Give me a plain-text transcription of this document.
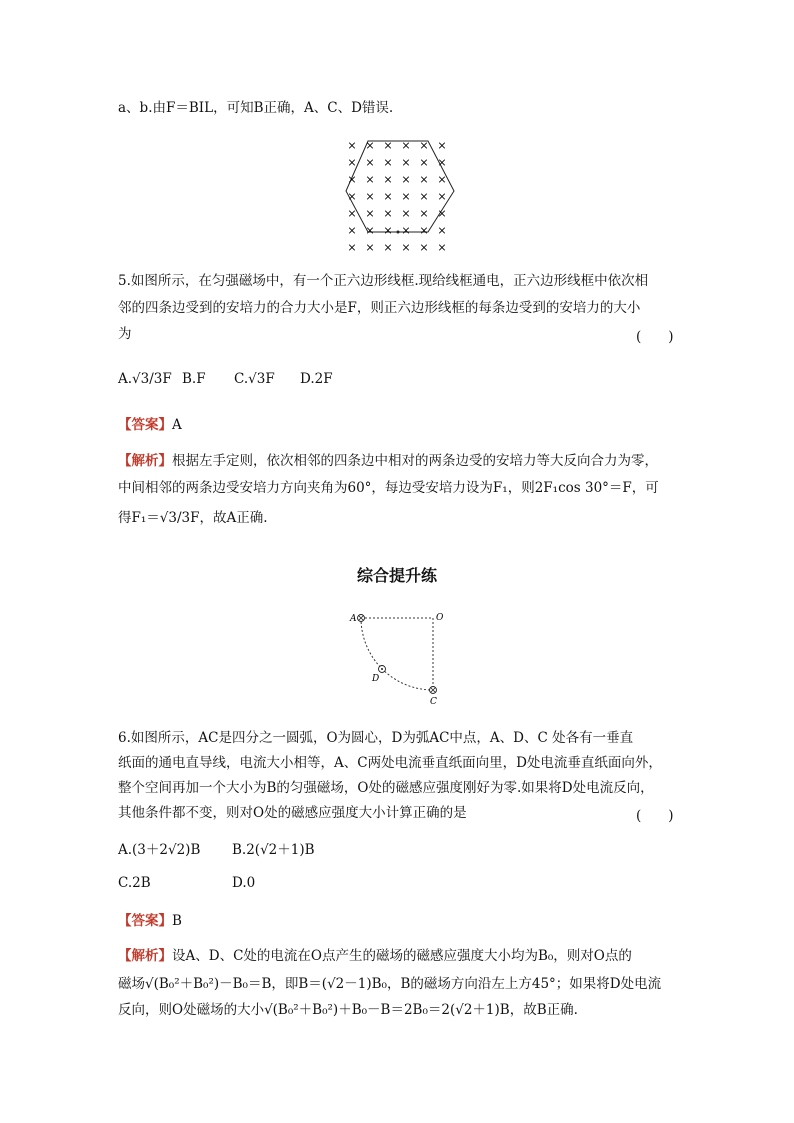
a、b.由F＝BIL，可知B正确，A、C、D错误.
× × × × × ×
× × × × × ×
× × × × × ×
× × × × × ×
× × × × × ×
× × × × × ×
× × × × × ×
5.如图所示，在匀强磁场中，有一个正六边形线框.现给线框通电，正六边形线框中依次相
邻的四条边受到的安培力的合力大小是F，则正六边形线框的每条边受到的安培力的大小
为	(　　)
A.√3/3F B.F C.√3F D.2F
【答案】A
【解析】根据左手定则，依次相邻的四条边中相对的两条边受的安培力等大反向合力为零，
中间相邻的两条边受安培力方向夹角为60°，每边受安培力设为F₁，则2F₁cos 30°＝F，可
得F₁＝√3/3F，故A正确.
综合提升练
A	O
D
C
6.如图所示，AC是四分之一圆弧，O为圆心，D为弧AC中点，A、D、C 处各有一垂直
纸面的通电直导线，电流大小相等，A、C两处电流垂直纸面向里，D处电流垂直纸面向外，
整个空间再加一个大小为B的匀强磁场，O处的磁感应强度刚好为零.如果将D处电流反向，
其他条件都不变，则对O处的磁感应强度大小计算正确的是	(　　)
A.(3＋2√2)B B.2(√2＋1)B
C.2B	D.0
【答案】B
【解析】设A、D、C处的电流在O点产生的磁场的磁感应强度大小均为B₀，则对O点的
磁场√(B₀²＋B₀²)－B₀＝B，即B＝(√2－1)B₀，B的磁场方向沿左上方45°；如果将D处电流
反向，则O处磁场的大小√(B₀²＋B₀²)＋B₀－B＝2B₀＝2(√2＋1)B，故B正确.
